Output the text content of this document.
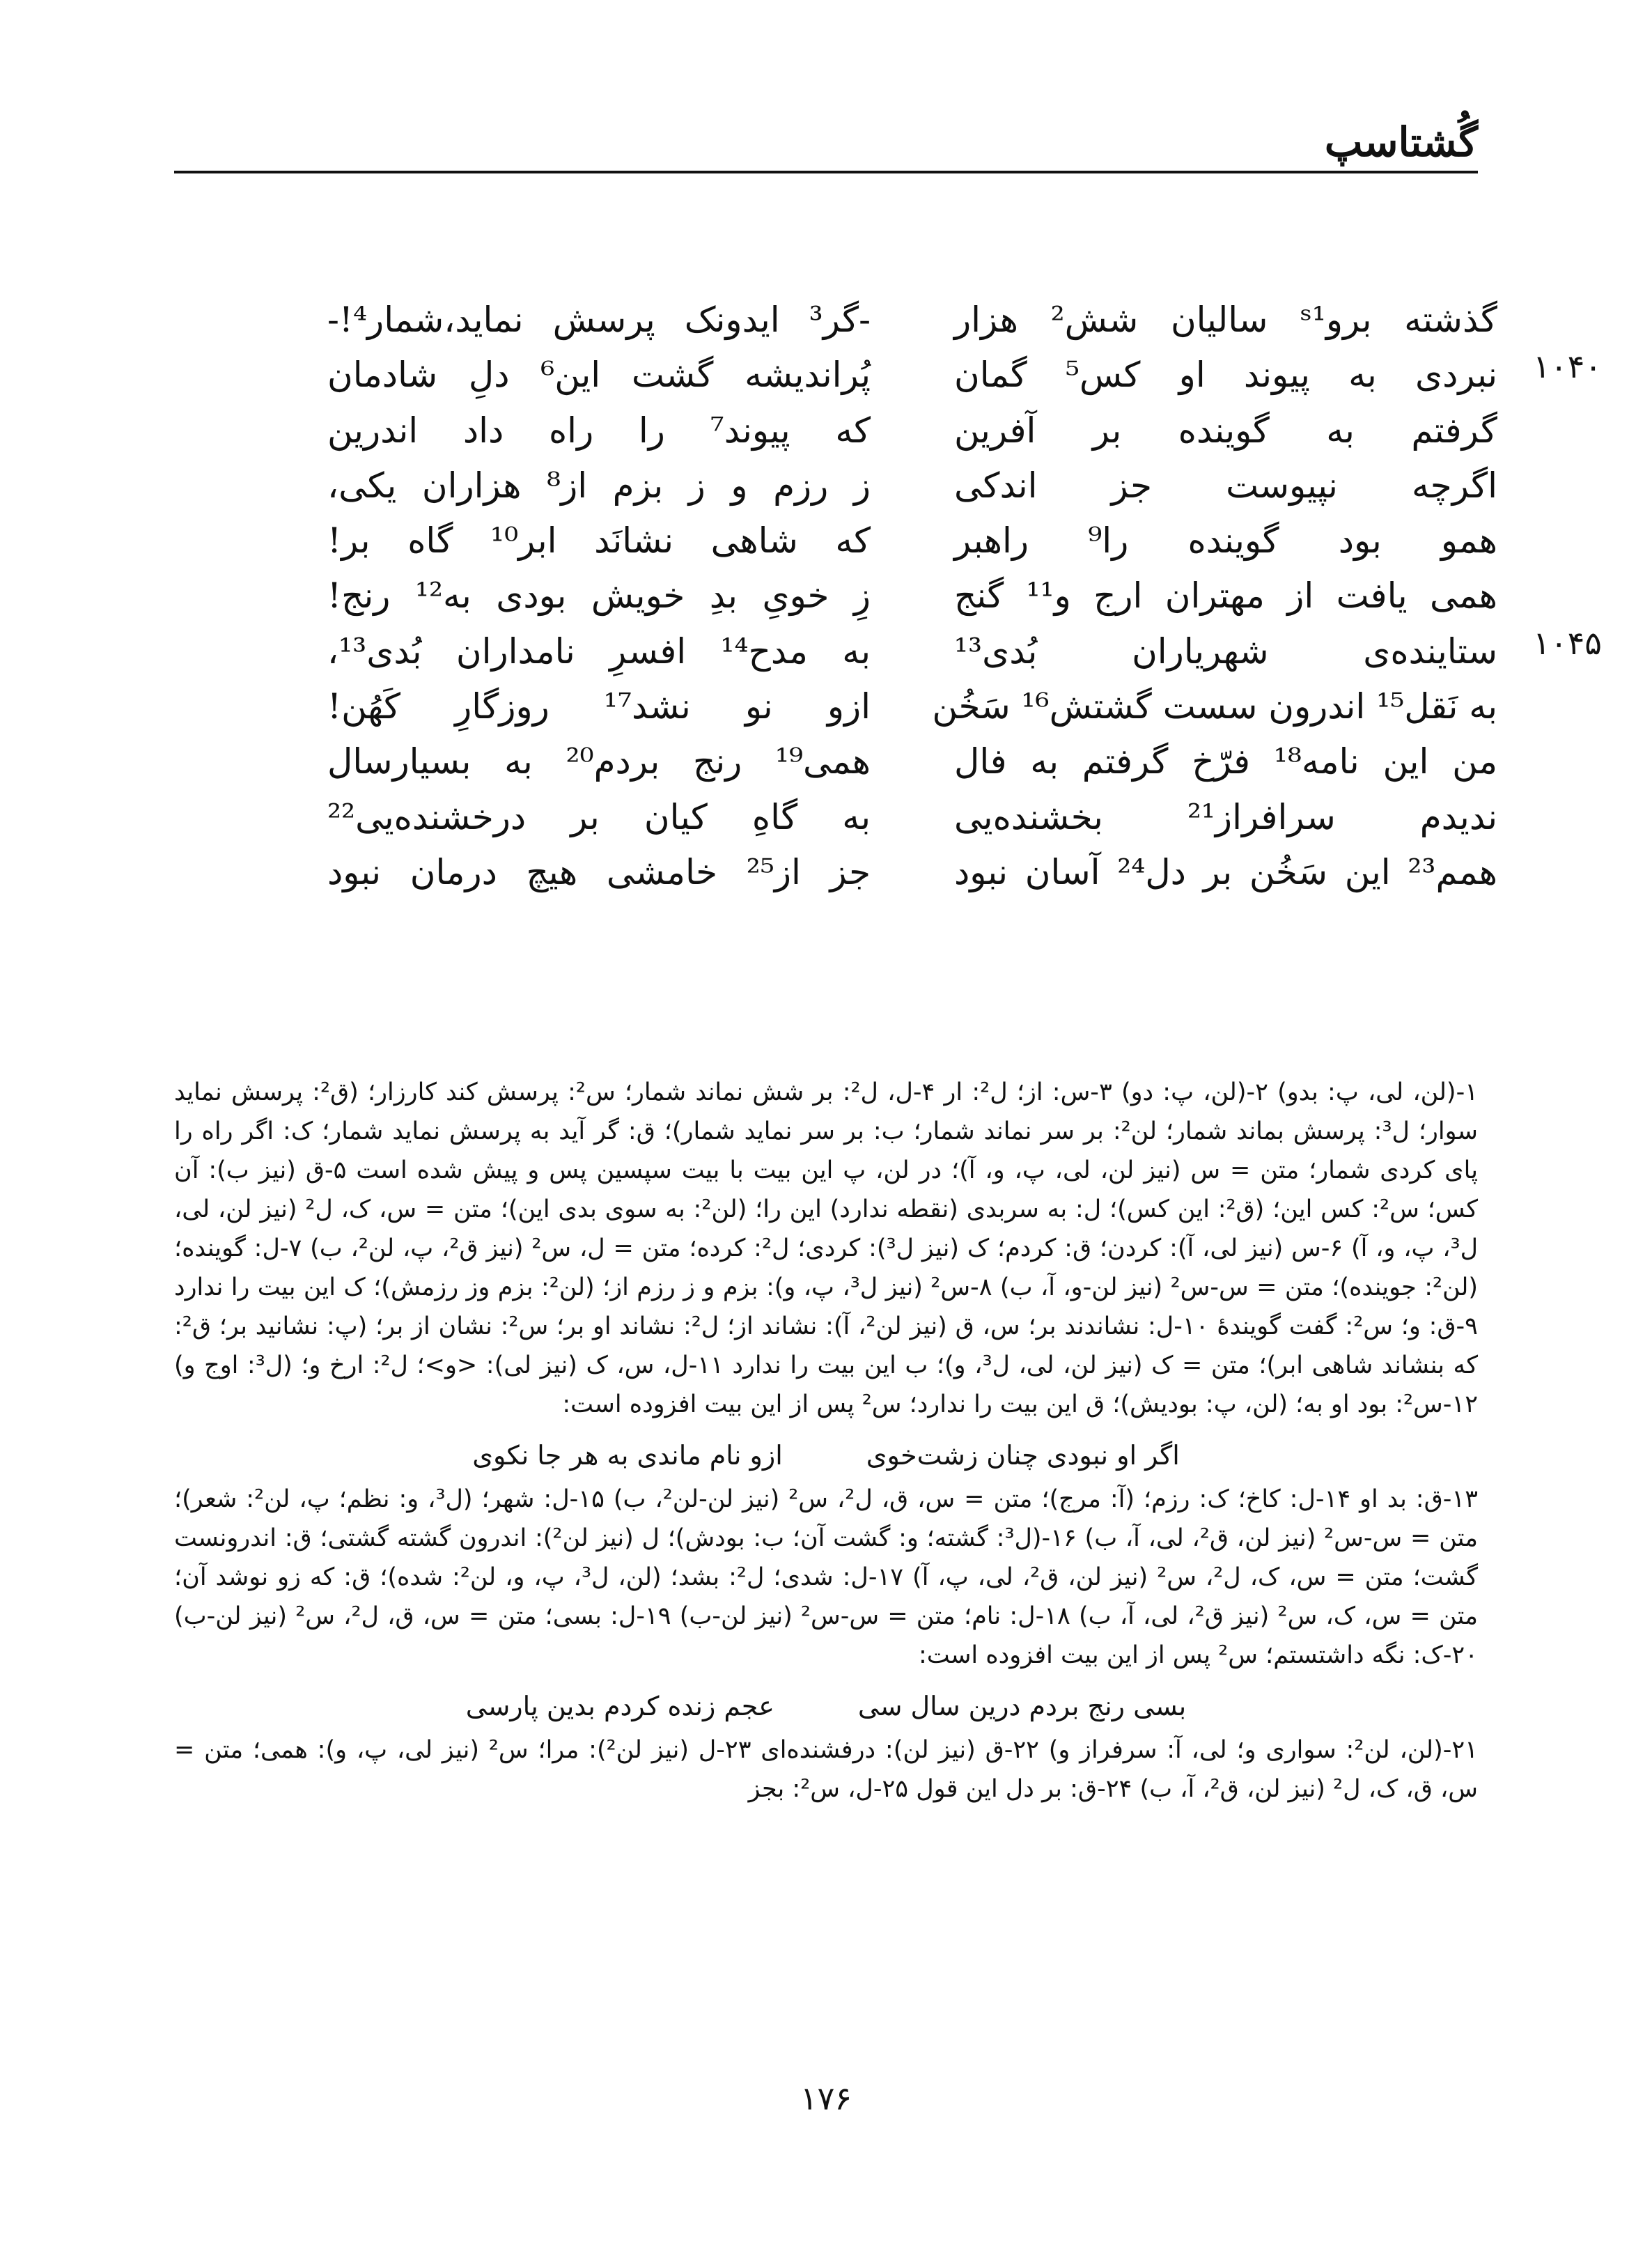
گُشتاسپ
گذشته بروˢ¹ سالیان شش² هزار
-گر³ ایدونک پرسش نماید،شمار⁴!-
۱۰۴۰
نبردی به پیوند او کس⁵ گمان
پُراندیشه گشت این⁶ دلِ شادمان
گرفتم به گوینده بر آفرین
که پیوند⁷ را راه داد اندرین
اگرچه نپیوست جز اندکی
ز رزم و ز بزم از⁸ هزاران یکی،
همو بود گوینده را⁹ راهبر
که شاهی نشانَد ابر¹⁰ گاه بر!
همی یافت از مهتران ارج و¹¹ گنج
زِ خویِ بدِ خویش بودی به¹² رنج!
۱۰۴۵
ستاینده‌ی شهریاران بُدی¹³
به مدح¹⁴ افسرِ نامداران بُدی¹³،
به نَقل¹⁵ اندرون سست گشتش¹⁶ سَخُن
ازو نو نشد¹⁷ روزگارِ کَهُن!
من این نامه¹⁸ فرّخ گرفتم به فال
همی¹⁹ رنج بردم²⁰ به بسیارسال
ندیدم سرافراز²¹ بخشنده‌یی
به گاهِ کیان بر درخشنده‌یی²²
همم²³ این سَخُن بر دل²⁴ آسان نبود
جز از²⁵ خامشی هیچ درمان نبود

۱-(لن، لی، پ: بدو) ۲-(لن، پ: دو) ۳-س: از؛ ل²: ار ۴-ل، ل²: بر شش نماند شمار؛ س²: پرسش کند کارزار؛ (ق²: پرسش نماید سوار؛ ل³: پرسش بماند شمار؛ لن²: بر سر نماند شمار؛ ب: بر سر نماید شمار)؛ ق: گر آید به پرسش نماید شمار؛ ک: اگر راه را پای کردی شمار؛ متن = س (نیز لن، لی، پ، و، آ)؛ در لن، پ این بیت با بیت سپسین پس و پیش شده است ۵-ق (نیز ب): آن کس؛ س²: کس این؛ (ق²: این کس)؛ ل: به سربدی (نقطه ندارد) این را؛ (لن²: به سوی بدی این)؛ متن = س، ک، ل² (نیز لن، لی، ل³، پ، و، آ) ۶-س (نیز لی، آ): کردن؛ ق: کردم؛ ک (نیز ل³): کردی؛ ل²: کرده؛ متن = ل، س² (نیز ق²، پ، لن²، ب) ۷-ل: گوینده؛ (لن²: جوینده)؛ متن = س-س² (نیز لن-و، آ، ب) ۸-س² (نیز ل³، پ، و): بزم و ز رزم از؛ (لن²: بزم وز رزمش)؛ ک این بیت را ندارد ۹-ق: و؛ س²: گفت گویندهٔ ۱۰-ل: نشاندند بر؛ س، ق (نیز لن²، آ): نشاند از؛ ل²: نشاند او بر؛ س²: نشان از بر؛ (پ: نشانید بر؛ ق²: که بنشاند شاهی ابر)؛ متن = ک (نیز لن، لی، ل³، و)؛ ب این بیت را ندارد ۱۱-ل، س، ک (نیز لی): <و>؛ ل²: ارخ و؛ (ل³: اوج و) ۱۲-س²: بود او به؛ (لن، پ: بودیش)؛ ق این بیت را ندارد؛ س² پس از این بیت افزوده است:

اگر او نبودی چنان زشت‌خوی
ازو نام ماندی به هر جا نکوی

۱۳-ق: بد او ۱۴-ل: کاخ؛ ک: رزم؛ (آ: مرج)؛ متن = س، ق، ل²، س² (نیز لن-لن²، ب) ۱۵-ل: شهر؛ (ل³، و: نظم؛ پ، لن²: شعر)؛ متن = س-س² (نیز لن، ق²، لی، آ، ب) ۱۶-(ل³: گشته؛ و: گشت آن؛ ب: بودش)؛ ل (نیز لن²): اندرون گشته گشتی؛ ق: اندرونست گشت؛ متن = س، ک، ل²، س² (نیز لن، ق²، لی، پ، آ) ۱۷-ل: شدی؛ ل²: بشد؛ (لن، ل³، پ، و، لن²: شده)؛ ق: که زو نوشد آن؛ متن = س، ک، س² (نیز ق²، لی، آ، ب) ۱۸-ل: نام؛ متن = س-س² (نیز لن-ب) ۱۹-ل: بسی؛ متن = س، ق، ل²، س² (نیز لن-ب) ۲۰-ک: نگه داشتستم؛ س² پس از این بیت افزوده است:

بسی رنج بردم درین سال سی
عجم زنده کردم بدین پارسی

۲۱-(لن، لن²: سواری و؛ لی، آ: سرفراز و) ۲۲-ق (نیز لن): درفشنده‌ای ۲۳-ل (نیز لن²): مرا؛ س² (نیز لی، پ، و): همی؛ متن = س، ق، ک، ل² (نیز لن، ق²، آ، ب) ۲۴-ق: بر دل این قول ۲۵-ل، س²: بجز

۱۷۶
